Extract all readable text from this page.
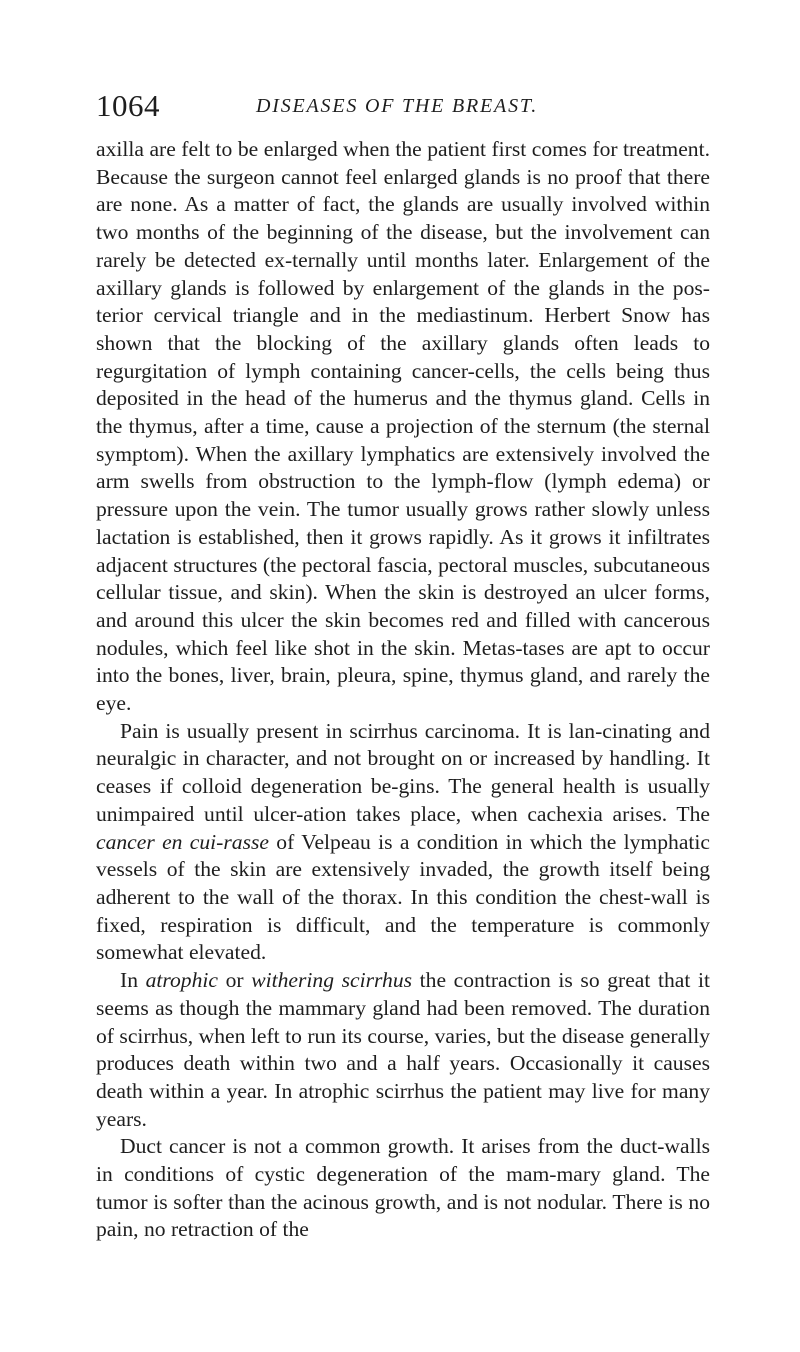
1064	DISEASES OF THE BREAST.

axilla are felt to be enlarged when the patient first comes for treatment. Because the surgeon cannot feel enlarged glands is no proof that there are none. As a matter of fact, the glands are usually involved within two months of the beginning of the disease, but the involvement can rarely be detected ex-ternally until months later. Enlargement of the axillary glands is followed by enlargement of the glands in the pos-terior cervical triangle and in the mediastinum. Herbert Snow has shown that the blocking of the axillary glands often leads to regurgitation of lymph containing cancer-cells, the cells being thus deposited in the head of the humerus and the thymus gland. Cells in the thymus, after a time, cause a projection of the sternum (the sternal symptom). When the axillary lymphatics are extensively involved the arm swells from obstruction to the lymph-flow (lymph edema) or pressure upon the vein. The tumor usually grows rather slowly unless lactation is established, then it grows rapidly. As it grows it infiltrates adjacent structures (the pectoral fascia, pectoral muscles, subcutaneous cellular tissue, and skin). When the skin is destroyed an ulcer forms, and around this ulcer the skin becomes red and filled with cancerous nodules, which feel like shot in the skin. Metas-tases are apt to occur into the bones, liver, brain, pleura, spine, thymus gland, and rarely the eye.

Pain is usually present in scirrhus carcinoma. It is lan-cinating and neuralgic in character, and not brought on or increased by handling. It ceases if colloid degeneration be-gins. The general health is usually unimpaired until ulcer-ation takes place, when cachexia arises. The cancer en cui-rasse of Velpeau is a condition in which the lymphatic vessels of the skin are extensively invaded, the growth itself being adherent to the wall of the thorax. In this condition the chest-wall is fixed, respiration is difficult, and the temperature is commonly somewhat elevated.

In atrophic or withering scirrhus the contraction is so great that it seems as though the mammary gland had been removed. The duration of scirrhus, when left to run its course, varies, but the disease generally produces death within two and a half years. Occasionally it causes death within a year. In atrophic scirrhus the patient may live for many years.

Duct cancer is not a common growth. It arises from the duct-walls in conditions of cystic degeneration of the mam-mary gland. The tumor is softer than the acinous growth, and is not nodular. There is no pain, no retraction of the
